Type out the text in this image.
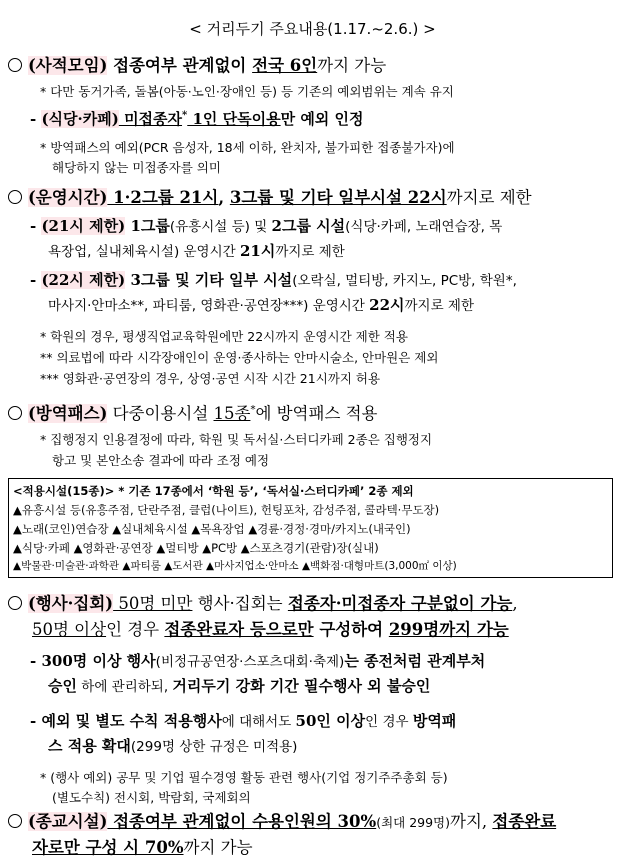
< 거리두기 주요내용(1.17.~2.6.) >
(사적모임) 접종여부 관계없이 전국 6인까지 가능
* 다만 동거가족, 돌봄(아동·노인·장애인 등) 등 기존의 예외범위는 계속 유지
- (식당·카페) 미접종자* 1인 단독이용만 예외 인정
* 방역패스의 예외(PCR 음성자, 18세 이하, 완치자, 불가피한 접종불가자)에
해당하지 않는 미접종자를 의미
(운영시간) 1·2그룹 21시, 3그룹 및 기타 일부시설 22시까지로 제한
- (21시 제한) 1그룹(유흥시설 등) 및 2그룹 시설(식당·카페, 노래연습장, 목
욕장업, 실내체육시설) 운영시간 21시까지로 제한
- (22시 제한) 3그룹 및 기타 일부 시설(오락실, 멀티방, 카지노, PC방, 학원*,
마사지·안마소**, 파티룸, 영화관·공연장***) 운영시간 22시까지로 제한
* 학원의 경우, 평생직업교육학원에만 22시까지 운영시간 제한 적용
** 의료법에 따라 시각장애인이 운영·종사하는 안마시술소, 안마원은 제외
*** 영화관·공연장의 경우, 상영·공연 시작 시간 21시까지 허용
(방역패스) 다중이용시설 15종*에 방역패스 적용
* 집행정지 인용결정에 따라, 학원 및 독서실·스터디카페 2종은 집행정지
항고 및 본안소송 결과에 따라 조정 예정
<적용시설(15종)> * 기존 17종에서 ‘학원 등’, ‘독서실·스터디카페’ 2종 제외
▲유흥시설 등(유흥주점, 단란주점, 클럽(나이트), 헌팅포차, 감성주점, 콜라텍·무도장)
▲노래(코인)연습장 ▲실내체육시설 ▲목욕장업 ▲경륜·경정·경마/카지노(내국인)
▲식당·카페 ▲영화관·공연장 ▲멀티방 ▲PC방 ▲스포츠경기(관람)장(실내)
▲박물관·미술관·과학관 ▲파티룸 ▲도서관 ▲마사지업소·안마소 ▲백화점·대형마트(3,000㎡ 이상)
(행사·집회) 50명 미만 행사·집회는 접종자·미접종자 구분없이 가능,
50명 이상인 경우 접종완료자 등으로만 구성하여 299명까지 가능
- 300명 이상 행사(비정규공연장·스포츠대회·축제)는 종전처럼 관계부처
승인 하에 관리하되, 거리두기 강화 기간 필수행사 외 불승인
- 예외 및 별도 수칙 적용행사에 대해서도 50인 이상인 경우 방역패
스 적용 확대(299명 상한 규정은 미적용)
* (행사 예외) 공무 및 기업 필수경영 활동 관련 행사(기업 정기주주총회 등)
(별도수칙) 전시회, 박람회, 국제회의
(종교시설) 접종여부 관계없이 수용인원의 30%(최대 299명)까지, 접종완료
자로만 구성 시 70%까지 가능
